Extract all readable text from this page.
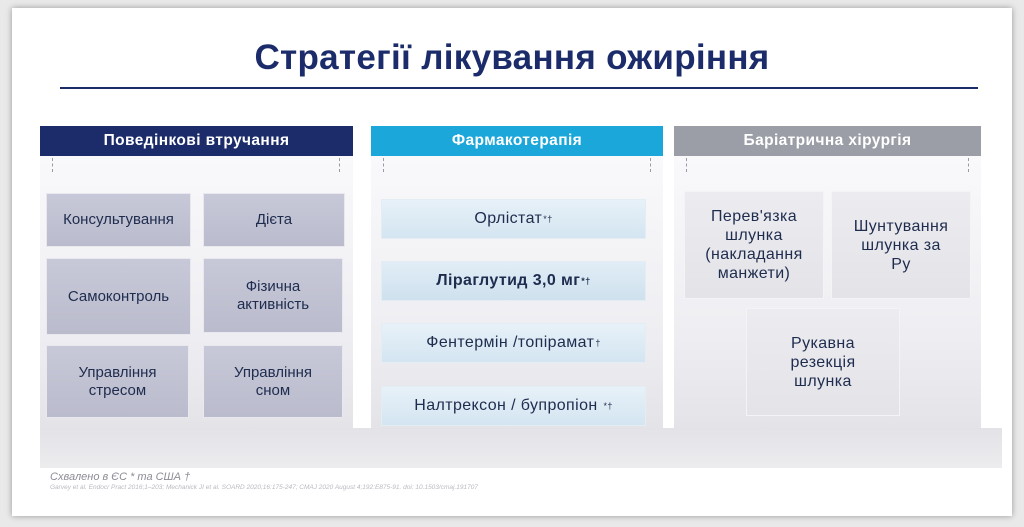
Стратегії лікування ожиріння
Поведінкові втручання
Консультування	Дієта
Самоконтроль
Фізична активність
Управління стресом
Управління сном
Фармакотерапія
Орлістат *†
Ліраглутид 3,0 мг *†
Фентермін /топірамат †
Налтрексон / бупропіон *†
Баріатрична хірургія
Перев'язка шлунка (накладання манжети)
Шунтування шлунка за Ру
Рукавна резекція шлунка
Схвалено в ЄС * та США †
Garvey et al. Endocr Pract 2016;1–203; Mechanick JI et al. SOARD 2020;16:175-247; CMAJ 2020 August 4;192:E875-91. doi: 10.1503/cmaj.191707
